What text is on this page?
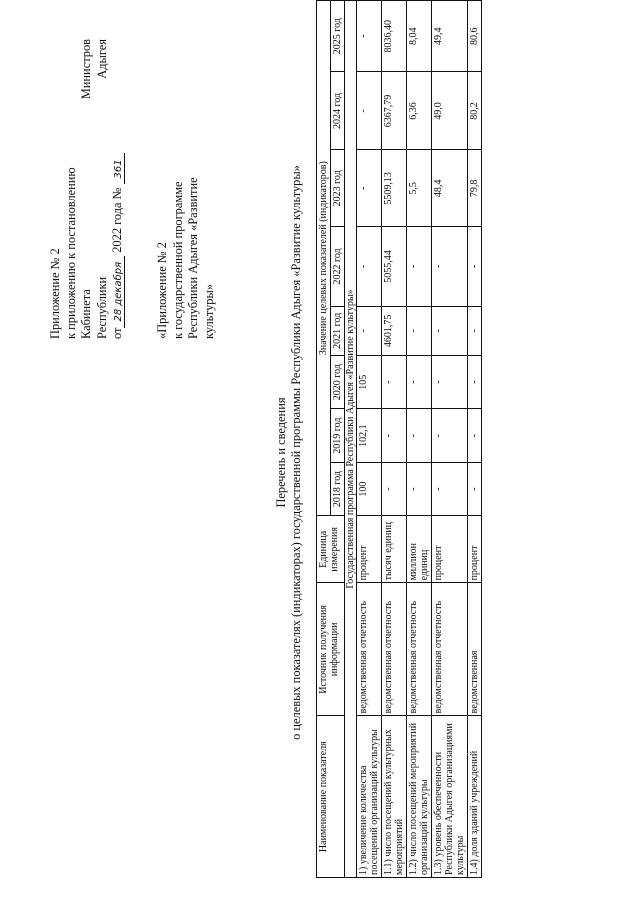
Приложение № 2 к приложению к постановлению Кабинета
Министров
Республики
Адыгея
от28 декабря 2022 года № 361
«Приложение № 2 к государственной программе
Республики Адыгея «Развитие
культуры»
Перечень и сведения о целевых показателях (индикаторах) государственной программы Республики Адыгея «Развитие культуры»
Наименование показателя	Источник получения информации	Единица измерения	Значение целевых показателей (индикаторов)							
			2018 год	2019 год	2020 год	2021 год	2022 год	2023 год	2024 год	2025 год
Государственная программа Республики Адыгея «Развитие культуры»										
1) увеличение количества посещений организаций культуры	ведомственная отчетность	процент	100	102,1	105	-	-	-	-	-
1.1) число посещений культурных мероприятий	ведомственная отчетность	тысяч единиц	-	-	-	4601,75	5055,44	5509,13	6367,79	8036,40
1.2) число посещений мероприятий организаций культуры	ведомственная отчетность	миллион единиц	-	-	-	-	-	5,5	6,36	8,04
1.3) уровень обеспеченности Республики Адыгея организациями культуры	ведомственная отчетность	процент	-	-	-	-	-	48,4	49,0	49,4
1.4) доля зданий учреждений	ведомственная	процент	-	-	-	-	-	79,8	80,2	80,6
